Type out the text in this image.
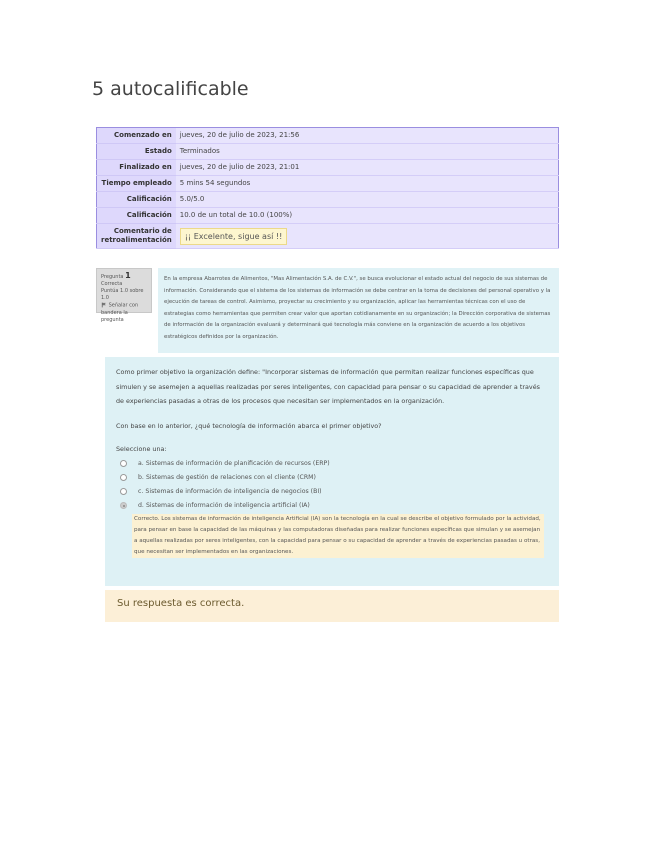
5 autocalificable
Comenzado en	jueves, 20 de julio de 2023, 21:56
Estado	Terminados
Finalizado en	jueves, 20 de julio de 2023, 21:01
Tiempo empleado	5 mins 54 segundos
Calificación	5.0/5.0
Calificación	10.0 de un total de 10.0 (100%)
Comentario de retroalimentación	¡¡ Excelente, sigue así !!
Pregunta 1
Correcta
Puntúa 1.0 sobre 1.0
Señalar con bandera la pregunta
En la empresa Abarrotes de Alimentos, "Mas Alimentación S.A. de C.V.", se busca evolucionar el estado actual del negocio de sus sistemas de información. Considerando que el sistema de los sistemas de información se debe centrar en la toma de decisiones del personal operativo y la ejecución de tareas de control. Asimismo, proyectar su crecimiento y su organización, aplicar las herramientas técnicas con el uso de estrategias como herramientas que permiten crear valor que aportan cotidianamente en su organización; la Dirección corporativa de sistemas de información de la organización evaluará y determinará qué tecnología más conviene en la organización de acuerdo a los objetivos estratégicos definidos por la organización.

Como primer objetivo la organización define: "Incorporar sistemas de información que permitan realizar funciones específicas que simulen y se asemejen a aquellas realizadas por seres inteligentes, con capacidad para pensar o su capacidad de aprender a través de experiencias pasadas a otras de los procesos que necesitan ser implementados en la organización.

Con base en lo anterior, ¿qué tecnología de información abarca el primer objetivo?

Seleccione una:
a.
Sistemas de información de planificación de recursos (ERP)
b.
Sistemas de gestión de relaciones con el cliente (CRM)
c.
Sistemas de información de inteligencia de negocios (BI)
d.
Sistemas de información de inteligencia artificial (IA)
Correcto. Los sistemas de información de inteligencia Artificial (IA) son la tecnología en la cual se describe el objetivo formulado por la actividad, para pensar en base la capacidad de las máquinas y las computadoras diseñadas para realizar funciones específicas que simulan y se asemejan a aquellas realizadas por seres inteligentes, con la capacidad para pensar o su capacidad de aprender a través de experiencias pasadas u otras, que necesitan ser implementados en las organizaciones.
Su respuesta es correcta.
